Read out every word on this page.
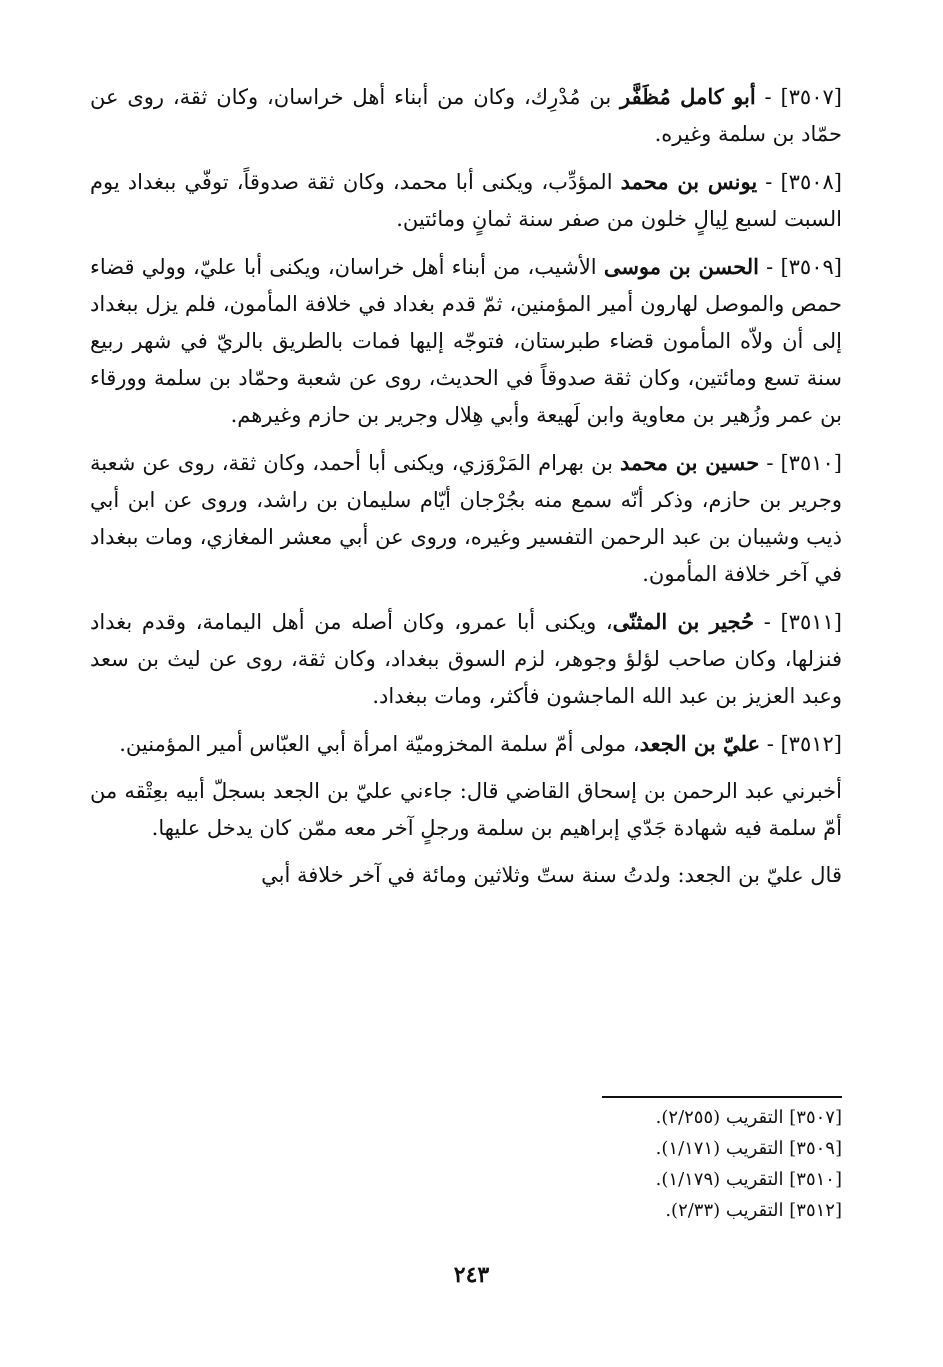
[٣٥٠٧] - أبو كامل مُظَفَّر بن مُدْرِك، وكان من أبناء أهل خراسان، وكان ثقة، روى عن حمّاد بن سلمة وغيره.

[٣٥٠٨] - يونس بن محمد المؤدِّب، ويكنى أبا محمد، وكان ثقة صدوقاً، توفّي ببغداد يوم السبت لسبع لِيالٍ خلون من صفر سنة ثمانٍ ومائتين.

[٣٥٠٩] - الحسن بن موسى الأشيب، من أبناء أهل خراسان، ويكنى أبا عليّ، وولي قضاء حمص والموصل لهارون أمير المؤمنين، ثمّ قدم بغداد في خلافة المأمون، فلم يزل ببغداد إلى أن ولاّه المأمون قضاء طبرستان، فتوجّه إليها فمات بالطريق بالريّ في شهر ربيع سنة تسع ومائتين، وكان ثقة صدوقاً في الحديث، روى عن شعبة وحمّاد بن سلمة وورقاء بن عمر وزُهير بن معاوية وابن لَهيعة وأبي هِلال وجرير بن حازم وغيرهم.

[٣٥١٠] - حسين بن محمد بن بهرام المَرْوَزي، ويكنى أبا أحمد، وكان ثقة، روى عن شعبة وجرير بن حازم، وذكر أنّه سمع منه بجُرْجان أيّام سليمان بن راشد، وروى عن ابن أبي ذيب وشيبان بن عبد الرحمن التفسير وغيره، وروى عن أبي معشر المغازي، ومات ببغداد في آخر خلافة المأمون.

[٣٥١١] - حُجير بن المثنّى، ويكنى أبا عمرو، وكان أصله من أهل اليمامة، وقدم بغداد فنزلها، وكان صاحب لؤلؤ وجوهر، لزم السوق ببغداد، وكان ثقة، روى عن ليث بن سعد وعبد العزيز بن عبد الله الماجشون فأكثر، ومات ببغداد.

[٣٥١٢] - عليّ بن الجعد، مولى أمّ سلمة المخزوميّة امرأة أبي العبّاس أمير المؤمنين.

أخبرني عبد الرحمن بن إسحاق القاضي قال: جاءني عليّ بن الجعد بسجلّ أبيه بعِتْقه من أمّ سلمة فيه شهادة جَدّي إبراهيم بن سلمة ورجلٍ آخر معه ممّن كان يدخل عليها.

قال عليّ بن الجعد: ولدتُ سنة ستّ وثلاثين ومائة في آخر خلافة أبي

[٣٥٠٧] التقريب (٢/٢٥٥).
[٣٥٠٩] التقريب (١/١٧١).
[٣٥١٠] التقريب (١/١٧٩).
[٣٥١٢] التقريب (٢/٣٣).
٢٤٣
